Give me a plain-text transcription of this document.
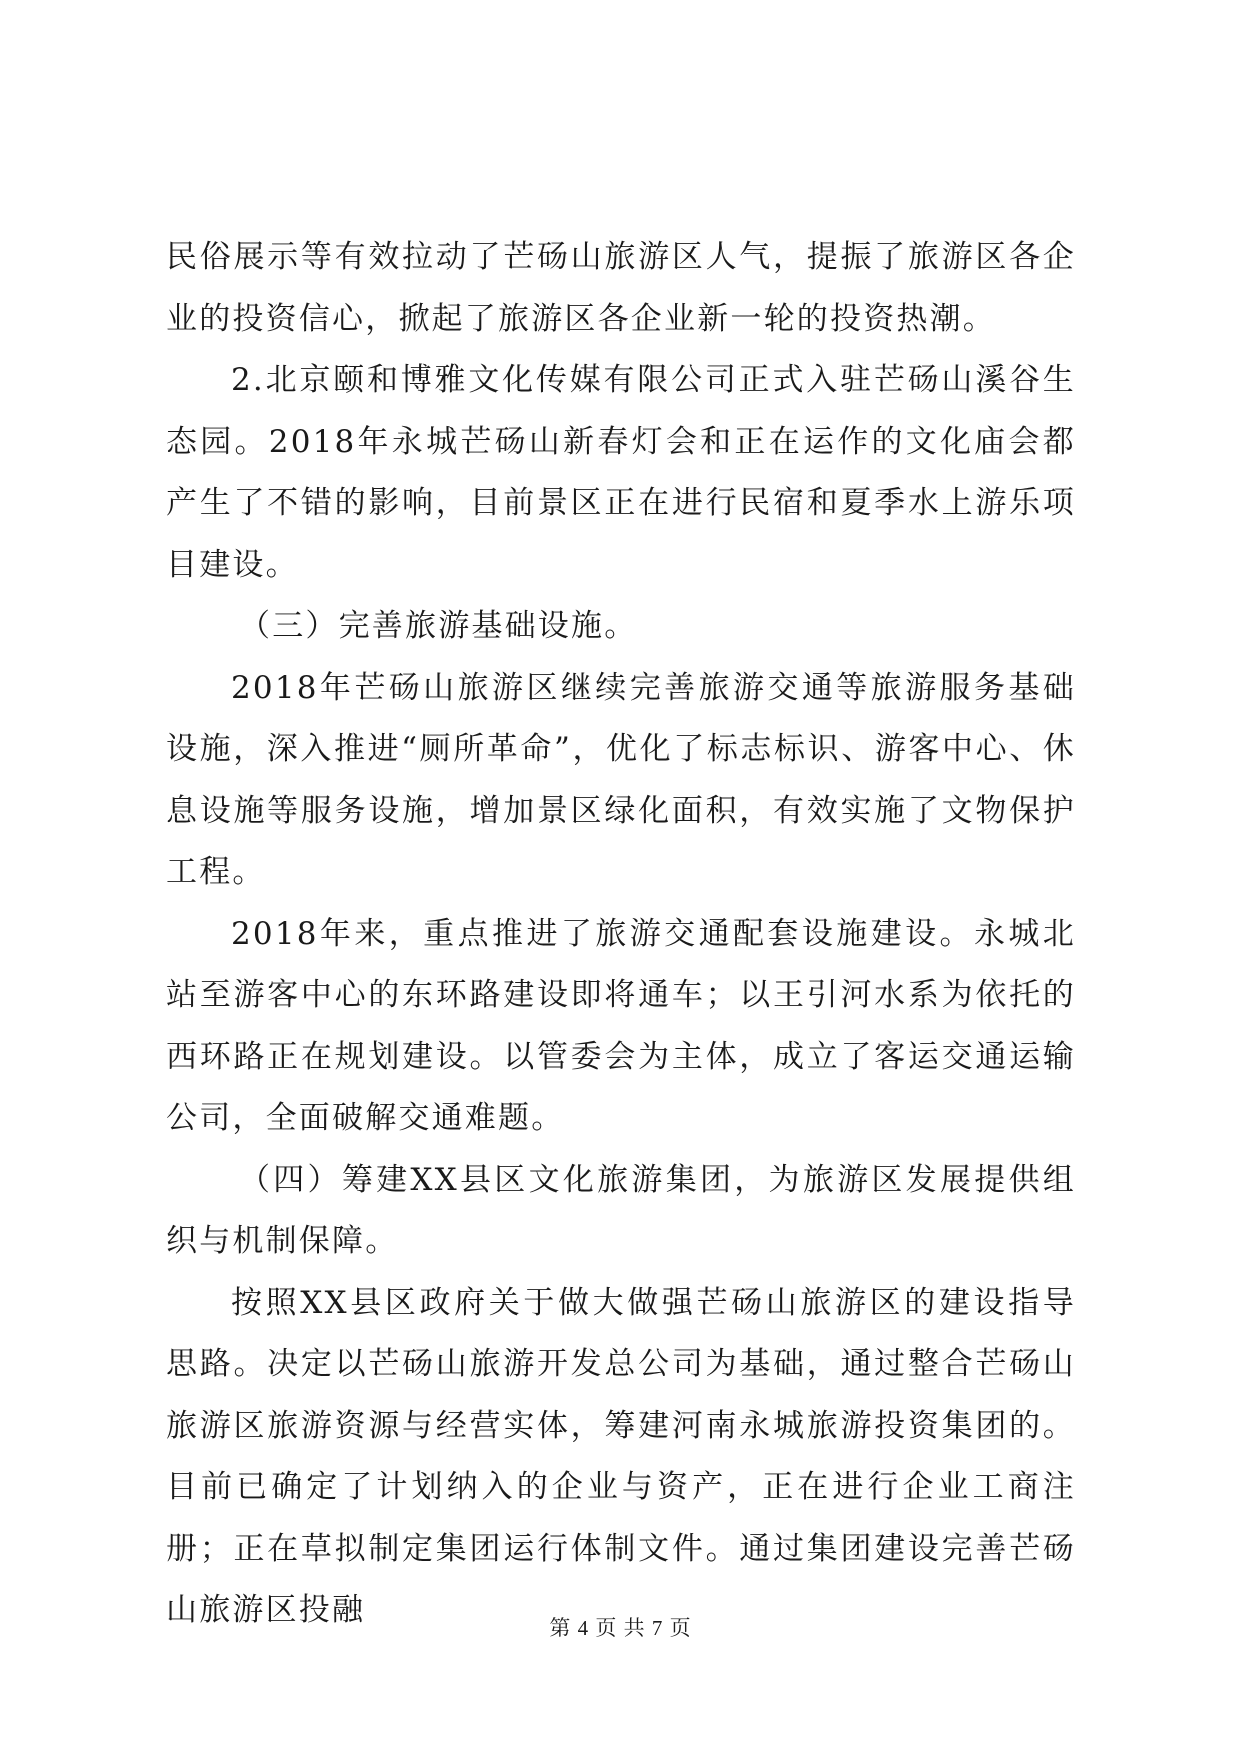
民俗展示等有效拉动了芒砀山旅游区人气，提振了旅游区各企业的投资信心，掀起了旅游区各企业新一轮的投资热潮。

2.北京颐和博雅文化传媒有限公司正式入驻芒砀山溪谷生态园。2018年永城芒砀山新春灯会和正在运作的文化庙会都产生了不错的影响，目前景区正在进行民宿和夏季水上游乐项目建设。

（三）完善旅游基础设施。

2018年芒砀山旅游区继续完善旅游交通等旅游服务基础设施，深入推进“厕所革命”，优化了标志标识、游客中心、休息设施等服务设施，增加景区绿化面积，有效实施了文物保护工程。

2018年来，重点推进了旅游交通配套设施建设。永城北站至游客中心的东环路建设即将通车；以王引河水系为依托的西环路正在规划建设。以管委会为主体，成立了客运交通运输公司，全面破解交通难题。

（四）筹建XX县区文化旅游集团，为旅游区发展提供组织与机制保障。

按照XX县区政府关于做大做强芒砀山旅游区的建设指导思路。决定以芒砀山旅游开发总公司为基础，通过整合芒砀山旅游区旅游资源与经营实体，筹建河南永城旅游投资集团的。目前已确定了计划纳入的企业与资产，正在进行企业工商注册；正在草拟制定集团运行体制文件。通过集团建设完善芒砀山旅游区投融	第 4 页 共 7 页
